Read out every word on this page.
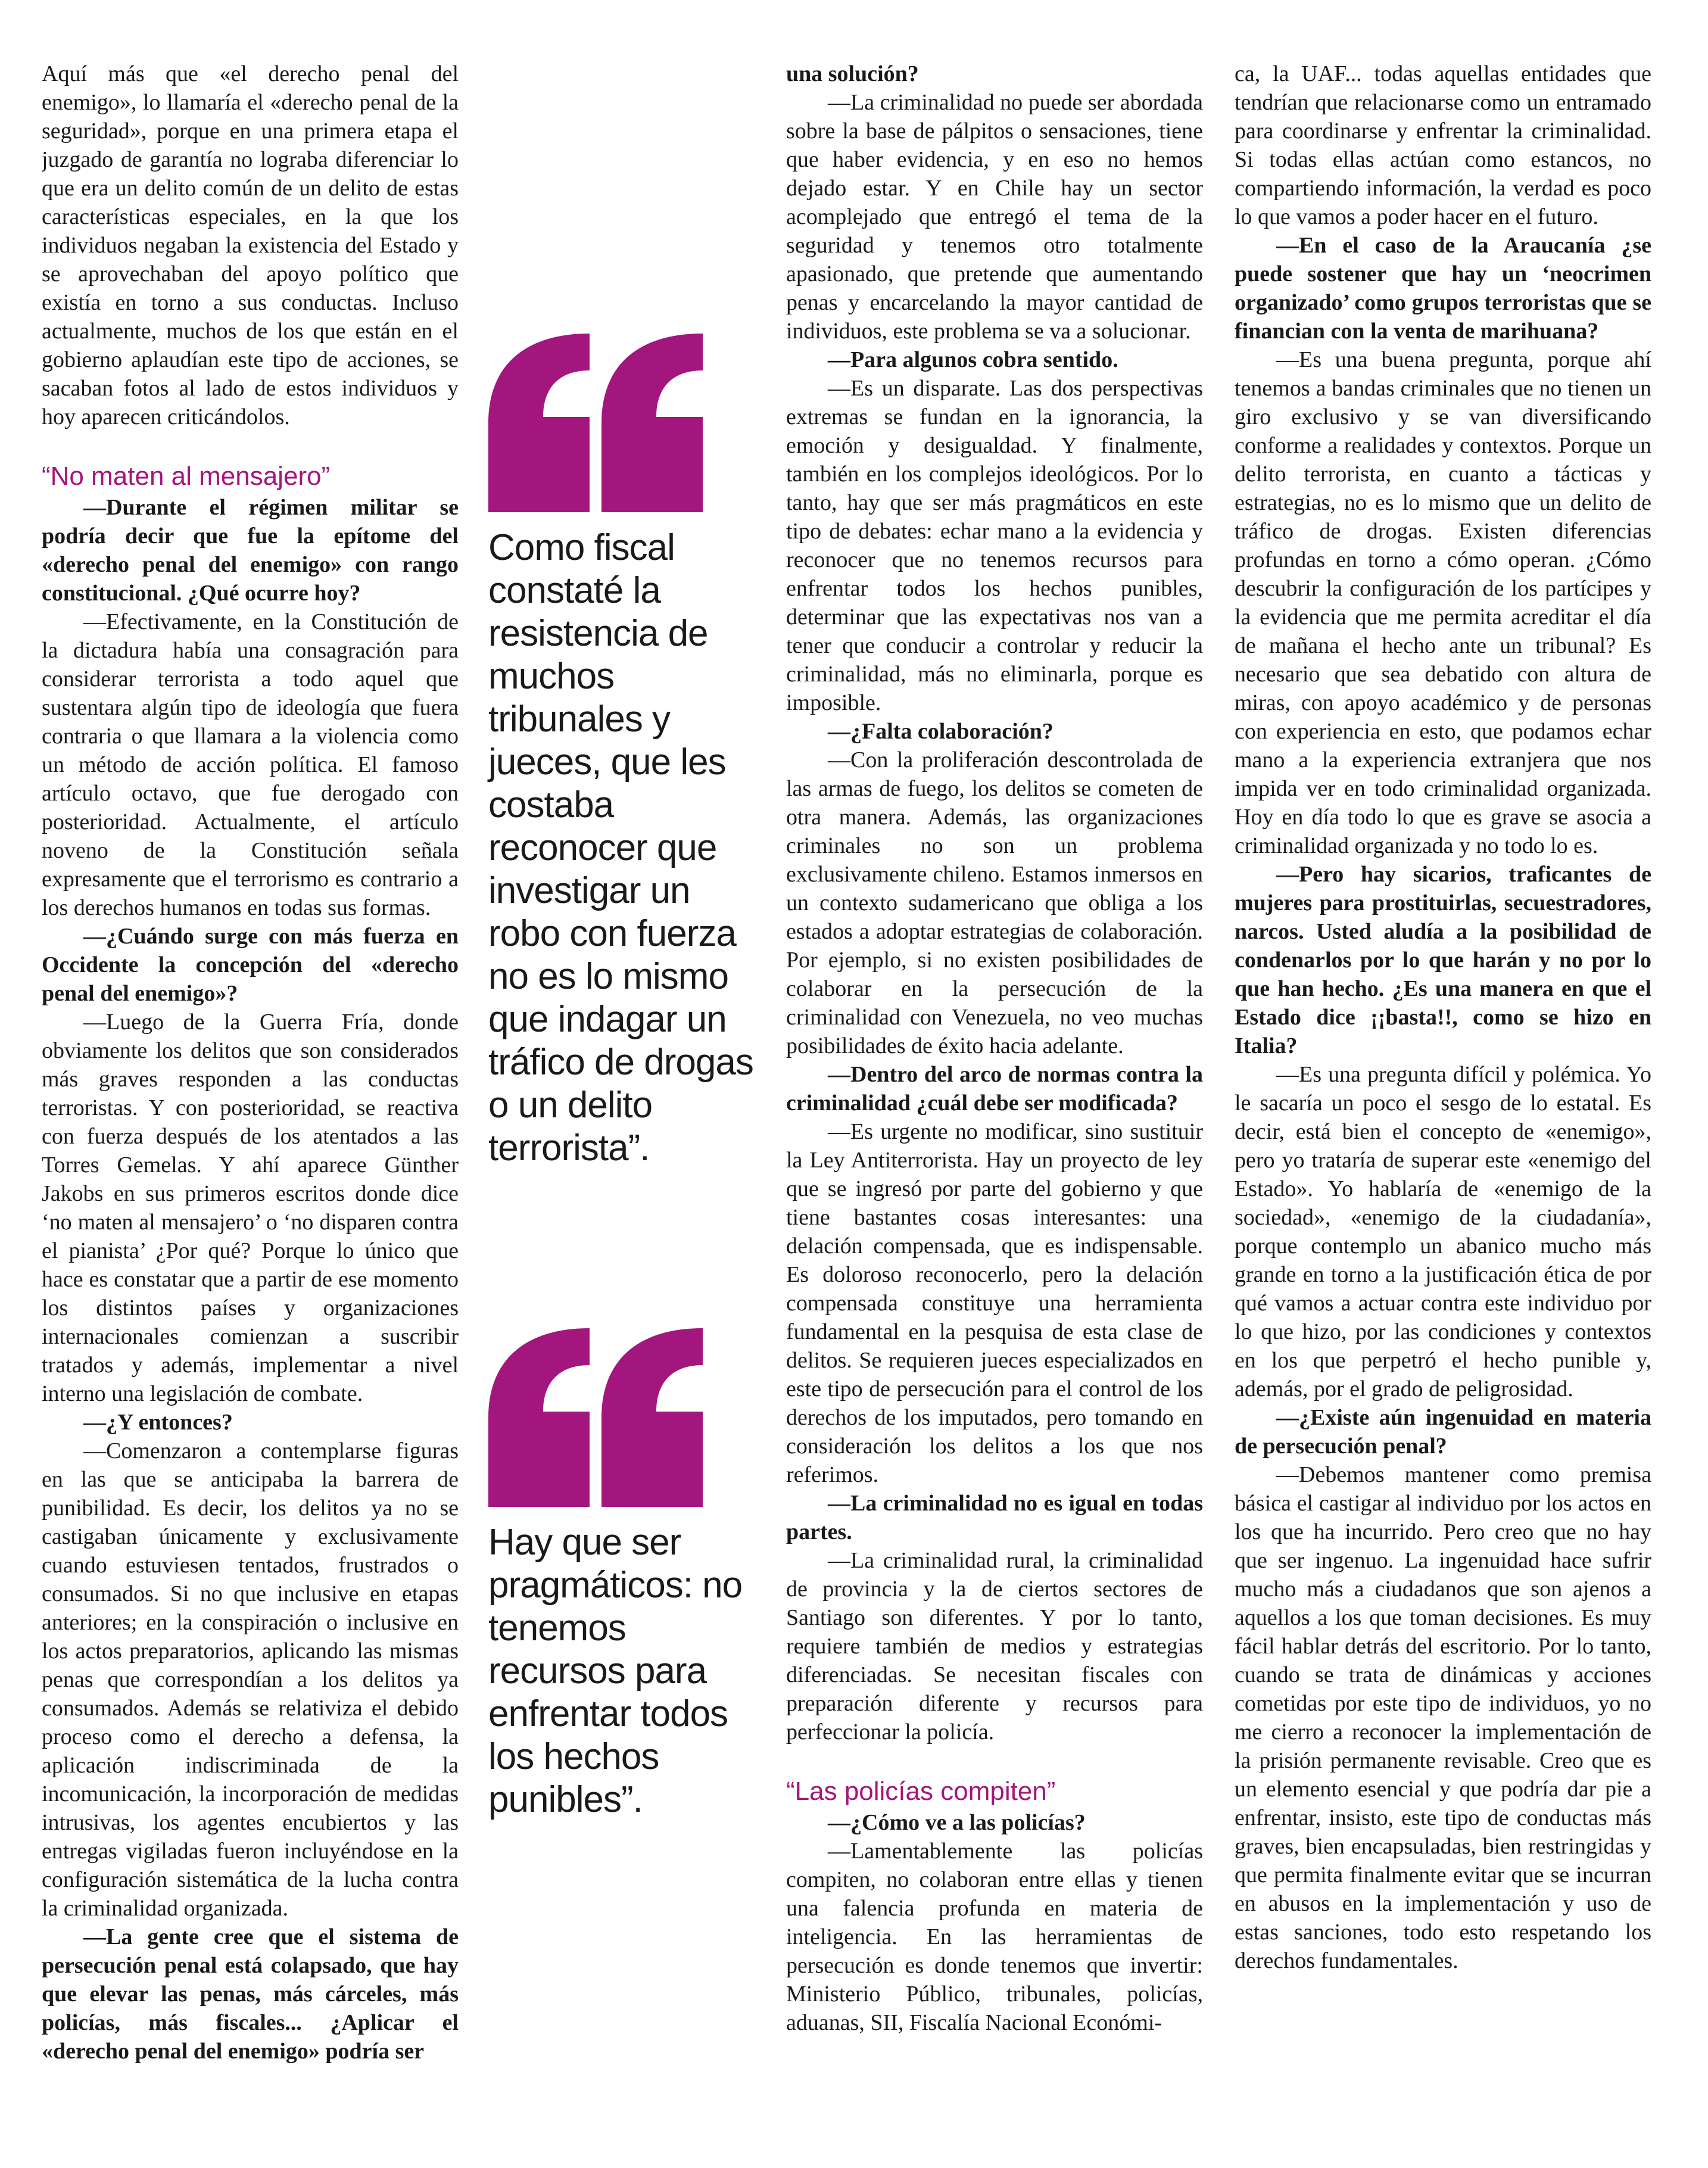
Aquí más que «el derecho penal del enemigo», lo llamaría el «derecho penal de la seguridad», porque en una primera etapa el juzgado de garantía no lograba diferenciar lo que era un delito común de un delito de estas características especiales, en la que los individuos negaban la existencia del Estado y se aprovechaban del apoyo político que existía en torno a sus conductas. Incluso actualmente, muchos de los que están en el gobierno aplaudían este tipo de acciones, se sacaban fotos al lado de estos individuos y hoy aparecen criticándolos.

“No maten al mensajero”

—Durante el régimen militar se podría decir que fue la epítome del «derecho penal del enemigo» con rango constitucional. ¿Qué ocurre hoy?

—Efectivamente, en la Constitución de la dictadura había una consagración para considerar terrorista a todo aquel que sustentara algún tipo de ideología que fuera contraria o que llamara a la violencia como un método de acción política. El famoso artículo octavo, que fue derogado con posterioridad. Actualmente, el artículo noveno de la Constitución señala expresamente que el terrorismo es contrario a los derechos humanos en todas sus formas.

—¿Cuándo surge con más fuerza en Occidente la concepción del «derecho penal del enemigo»?

—Luego de la Guerra Fría, donde obviamente los delitos que son considerados más graves responden a las conductas terroristas. Y con posterioridad, se reactiva con fuerza después de los atentados a las Torres Gemelas. Y ahí aparece Günther Jakobs en sus primeros escritos donde dice ‘no maten al mensajero’ o ‘no disparen contra el pianista’ ¿Por qué? Porque lo único que hace es constatar que a partir de ese momento los distintos países y organizaciones internacionales comienzan a suscribir tratados y además, implementar a nivel interno una legislación de combate.

—¿Y entonces?

—Comenzaron a contemplarse figuras en las que se anticipaba la barrera de punibilidad. Es decir, los delitos ya no se castigaban únicamente y exclusivamente cuando estuviesen tentados, frustrados o consumados. Si no que inclusive en etapas anteriores; en la conspiración o inclusive en los actos preparatorios, aplicando las mismas penas que correspondían a los delitos ya consumados. Además se relativiza el debido proceso como el derecho a defensa, la aplicación indiscriminada de la incomunicación, la incorporación de medidas intrusivas, los agentes encubiertos y las entregas vigiladas fueron incluyéndose en la configuración sistemática de la lucha contra la criminalidad organizada.

—La gente cree que el sistema de persecución penal está colapsado, que hay que elevar las penas, más cárceles, más policías, más fiscales... ¿Aplicar el «derecho penal del enemigo» podría ser

Como fiscal constaté la resistencia de muchos tribunales y jueces, que les costaba reconocer que investigar un robo con fuerza no es lo mismo que indagar un tráfico de drogas o un delito terrorista”.
Hay que ser pragmáticos: no tenemos recursos para enfrentar todos los hechos punibles”.

una solución?

—La criminalidad no puede ser abordada sobre la base de pálpitos o sensaciones, tiene que haber evidencia, y en eso no hemos dejado estar. Y en Chile hay un sector acomplejado que entregó el tema de la seguridad y tenemos otro totalmente apasionado, que pretende que aumentando penas y encarcelando la mayor cantidad de individuos, este problema se va a solucionar.

—Para algunos cobra sentido.

—Es un disparate. Las dos perspectivas extremas se fundan en la ignorancia, la emoción y desigualdad. Y finalmente, también en los complejos ideológicos. Por lo tanto, hay que ser más pragmáticos en este tipo de debates: echar mano a la evidencia y reconocer que no tenemos recursos para enfrentar todos los hechos punibles, determinar que las expectativas nos van a tener que conducir a controlar y reducir la criminalidad, más no eliminarla, porque es imposible.

—¿Falta colaboración?

—Con la proliferación descontrolada de las armas de fuego, los delitos se cometen de otra manera. Además, las organizaciones criminales no son un problema exclusivamente chileno. Estamos inmersos en un contexto sudamericano que obliga a los estados a adoptar estrategias de colaboración. Por ejemplo, si no existen posibilidades de colaborar en la persecución de la criminalidad con Venezuela, no veo muchas posibilidades de éxito hacia adelante.

—Dentro del arco de normas contra la criminalidad ¿cuál debe ser modificada?

—Es urgente no modificar, sino sustituir la Ley Antiterrorista. Hay un proyecto de ley que se ingresó por parte del gobierno y que tiene bastantes cosas interesantes: una delación compensada, que es indispensable. Es doloroso reconocerlo, pero la delación compensada constituye una herramienta fundamental en la pesquisa de esta clase de delitos. Se requieren jueces especializados en este tipo de persecución para el control de los derechos de los imputados, pero tomando en consideración los delitos a los que nos referimos.

—La criminalidad no es igual en todas partes.

—La criminalidad rural, la criminalidad de provincia y la de ciertos sectores de Santiago son diferentes. Y por lo tanto, requiere también de medios y estrategias diferenciadas. Se necesitan fiscales con preparación diferente y recursos para perfeccionar la policía.

“Las policías compiten”

—¿Cómo ve a las policías?

—Lamentablemente las policías compiten, no colaboran entre ellas y tienen una falencia profunda en materia de inteligencia. En las herramientas de persecución es donde tenemos que invertir: Ministerio Público, tribunales, policías, aduanas, SII, Fiscalía Nacional Económi-

ca, la UAF... todas aquellas entidades que tendrían que relacionarse como un entramado para coordinarse y enfrentar la criminalidad. Si todas ellas actúan como estancos, no compartiendo información, la verdad es poco lo que vamos a poder hacer en el futuro.

—En el caso de la Araucanía ¿se puede sostener que hay un ‘neocrimen organizado’ como grupos terroristas que se financian con la venta de marihuana?

—Es una buena pregunta, porque ahí tenemos a bandas criminales que no tienen un giro exclusivo y se van diversificando conforme a realidades y contextos. Porque un delito terrorista, en cuanto a tácticas y estrategias, no es lo mismo que un delito de tráfico de drogas. Existen diferencias profundas en torno a cómo operan. ¿Cómo descubrir la configuración de los partícipes y la evidencia que me permita acreditar el día de mañana el hecho ante un tribunal? Es necesario que sea debatido con altura de miras, con apoyo académico y de personas con experiencia en esto, que podamos echar mano a la experiencia extranjera que nos impida ver en todo criminalidad organizada. Hoy en día todo lo que es grave se asocia a criminalidad organizada y no todo lo es.

—Pero hay sicarios, traficantes de mujeres para prostituirlas, secuestradores, narcos. Usted aludía a la posibilidad de condenarlos por lo que harán y no por lo que han hecho. ¿Es una manera en que el Estado dice ¡¡basta!!, como se hizo en Italia?

—Es una pregunta difícil y polémica. Yo le sacaría un poco el sesgo de lo estatal. Es decir, está bien el concepto de «enemigo», pero yo trataría de superar este «enemigo del Estado». Yo hablaría de «enemigo de la sociedad», «enemigo de la ciudadanía», porque contemplo un abanico mucho más grande en torno a la justificación ética de por qué vamos a actuar contra este individuo por lo que hizo, por las condiciones y contextos en los que perpetró el hecho punible y, además, por el grado de peligrosidad.

—¿Existe aún ingenuidad en materia de persecución penal?

—Debemos mantener como premisa básica el castigar al individuo por los actos en los que ha incurrido. Pero creo que no hay que ser ingenuo. La ingenuidad hace sufrir mucho más a ciudadanos que son ajenos a aquellos a los que toman decisiones. Es muy fácil hablar detrás del escritorio. Por lo tanto, cuando se trata de dinámicas y acciones cometidas por este tipo de individuos, yo no me cierro a reconocer la implementación de la prisión permanente revisable. Creo que es un elemento esencial y que podría dar pie a enfrentar, insisto, este tipo de conductas más graves, bien encapsuladas, bien restringidas y que permita finalmente evitar que se incurran en abusos en la implementación y uso de estas sanciones, todo esto respetando los derechos fundamentales.
